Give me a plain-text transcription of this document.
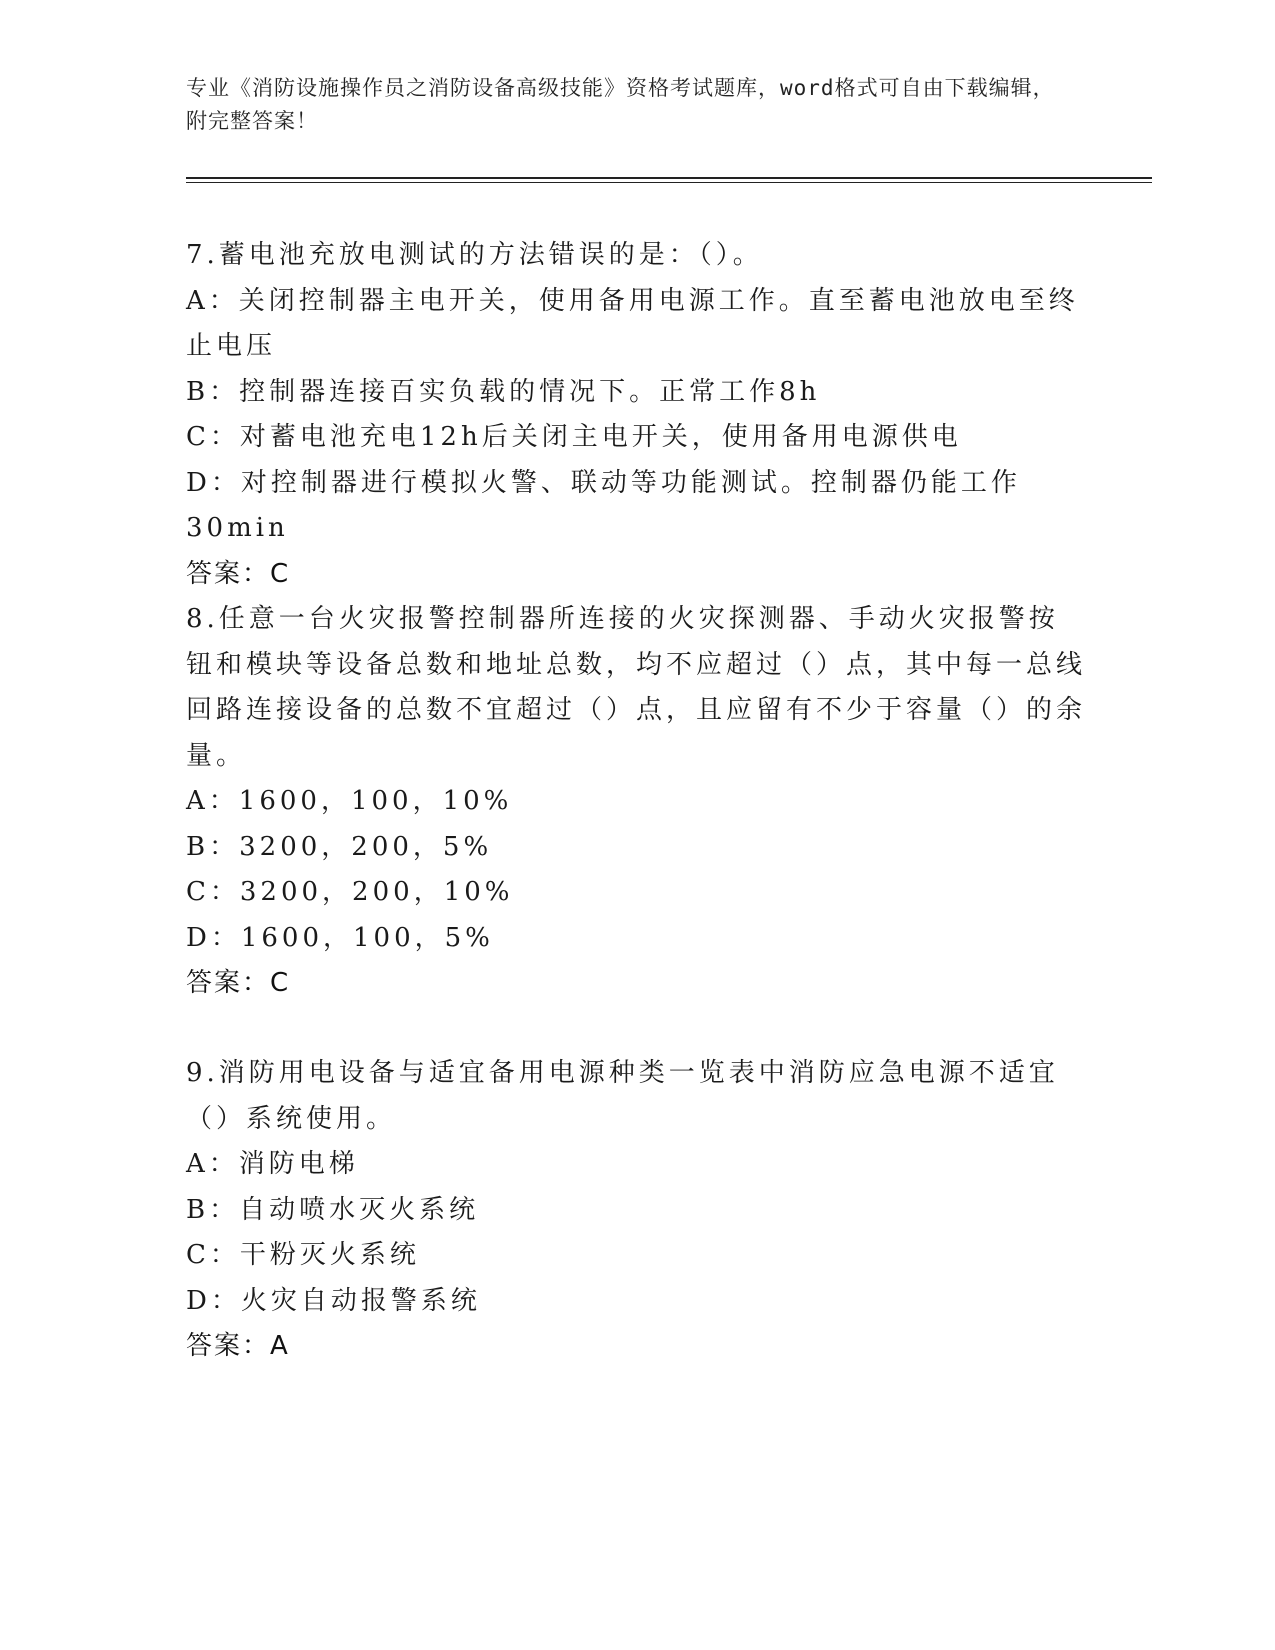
专业《消防设施操作员之消防设备高级技能》资格考试题库，word格式可自由下载编辑，附完整答案！

7.蓄电池充放电测试的方法错误的是：（）。

A：关闭控制器主电开关，使用备用电源工作。直至蓄电池放电至终止电压

B：控制器连接百实负载的情况下。正常工作8h

C：对蓄电池充电12h后关闭主电开关，使用备用电源供电

D：对控制器进行模拟火警、联动等功能测试。控制器仍能工作30min

答案：C

8.任意一台火灾报警控制器所连接的火灾探测器、手动火灾报警按钮和模块等设备总数和地址总数，均不应超过（）点，其中每一总线回路连接设备的总数不宜超过（）点，且应留有不少于容量（）的余量。

A：1600，100，10%

B：3200，200，5%

C：3200，200，10%

D：1600，100，5%

答案：C

9.消防用电设备与适宜备用电源种类一览表中消防应急电源不适宜（）系统使用。

A：消防电梯

B：自动喷水灭火系统

C：干粉灭火系统

D：火灾自动报警系统

答案：A
